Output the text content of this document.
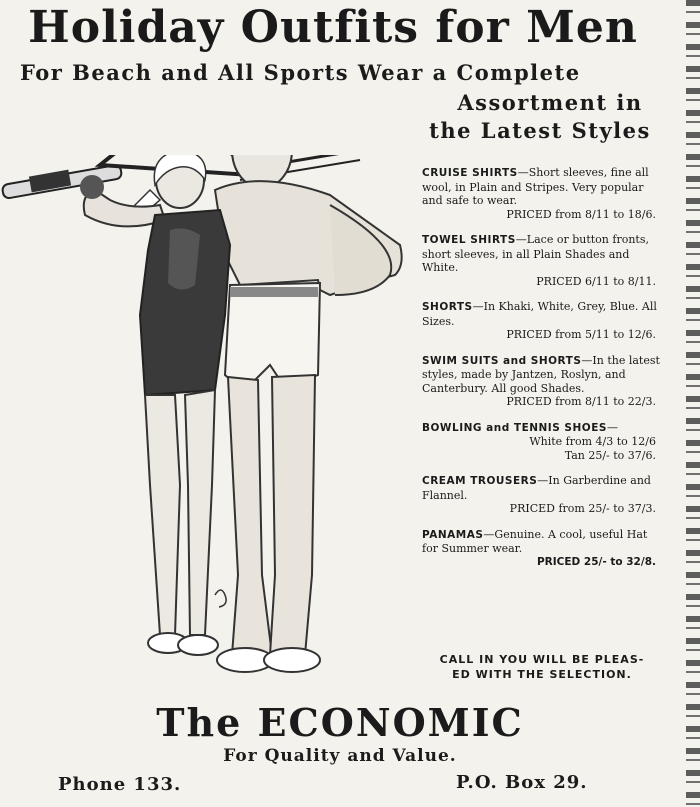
Holiday Outfits for Men
For Beach and All Sports Wear a Complete
Assortment in
the Latest Styles
CRUISE SHIRTS—Short sleeves, fine all wool, in Plain and Stripes. Very popular and safe to wear.
PRICED from 8/11 to 18/6.
TOWEL SHIRTS—Lace or button fronts, short sleeves, in all Plain Shades and White.
PRICED 6/11 to 8/11.
SHORTS—In Khaki, White, Grey, Blue. All Sizes.
PRICED from 5/11 to 12/6.
SWIM SUITS and SHORTS—In the latest styles, made by Jantzen, Roslyn, and Canterbury. All good Shades.
PRICED from 8/11 to 22/3.
BOWLING and TENNIS SHOES—
White from 4/3 to 12/6
Tan 25/- to 37/6.
CREAM TROUSERS—In Garberdine and Flannel.
PRICED from 25/- to 37/3.
PANAMAS—Genuine. A cool, useful Hat for Summer wear.
PRICED 25/- to 32/8.
CALL IN YOU WILL BE PLEAS-
ED WITH THE SELECTION.
The ECONOMIC
For Quality and Value.
Phone 133.	P.O. Box 29.
